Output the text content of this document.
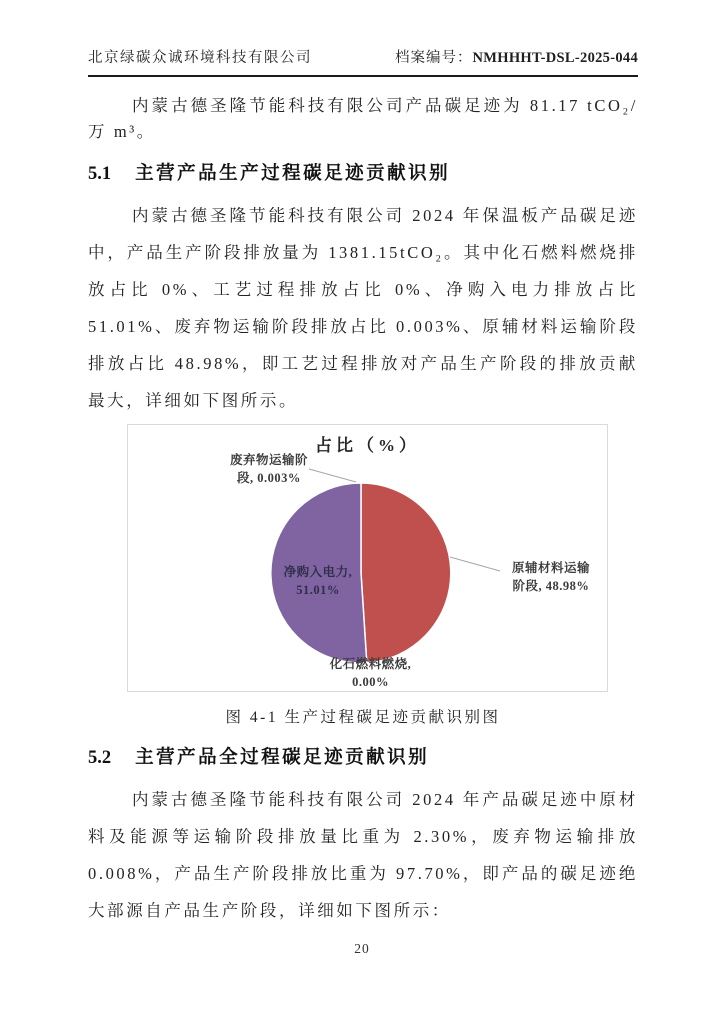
北京绿碳众诚环境科技有限公司	档案编号：NMHHHT-DSL-2025-044

内蒙古德圣隆节能科技有限公司产品碳足迹为 81.17 tCO₂/万 m³。

5.1 主营产品生产过程碳足迹贡献识别

内蒙古德圣隆节能科技有限公司 2024 年保温板产品碳足迹中，产品生产阶段排放量为 1381.15tCO₂。其中化石燃料燃烧排放占比 0%、工艺过程排放占比 0%、净购入电力排放占比 51.01%、废弃物运输阶段排放占比 0.003%、原辅材料运输阶段排放占比 48.98%，即工艺过程排放对产品生产阶段的排放贡献最大，详细如下图所示。

占比（%）
废弃物运输阶
段, 0.003%
净购入电力,
51.01%
原辅材料运输
阶段, 48.98%
化石燃料燃烧,
0.00%
图 4-1 生产过程碳足迹贡献识别图
5.2 主营产品全过程碳足迹贡献识别

内蒙古德圣隆节能科技有限公司 2024 年产品碳足迹中原材料及能源等运输阶段排放量比重为 2.30%，废弃物运输排放 0.008%，产品生产阶段排放比重为 97.70%，即产品的碳足迹绝大部源自产品生产阶段，详细如下图所示：

20
